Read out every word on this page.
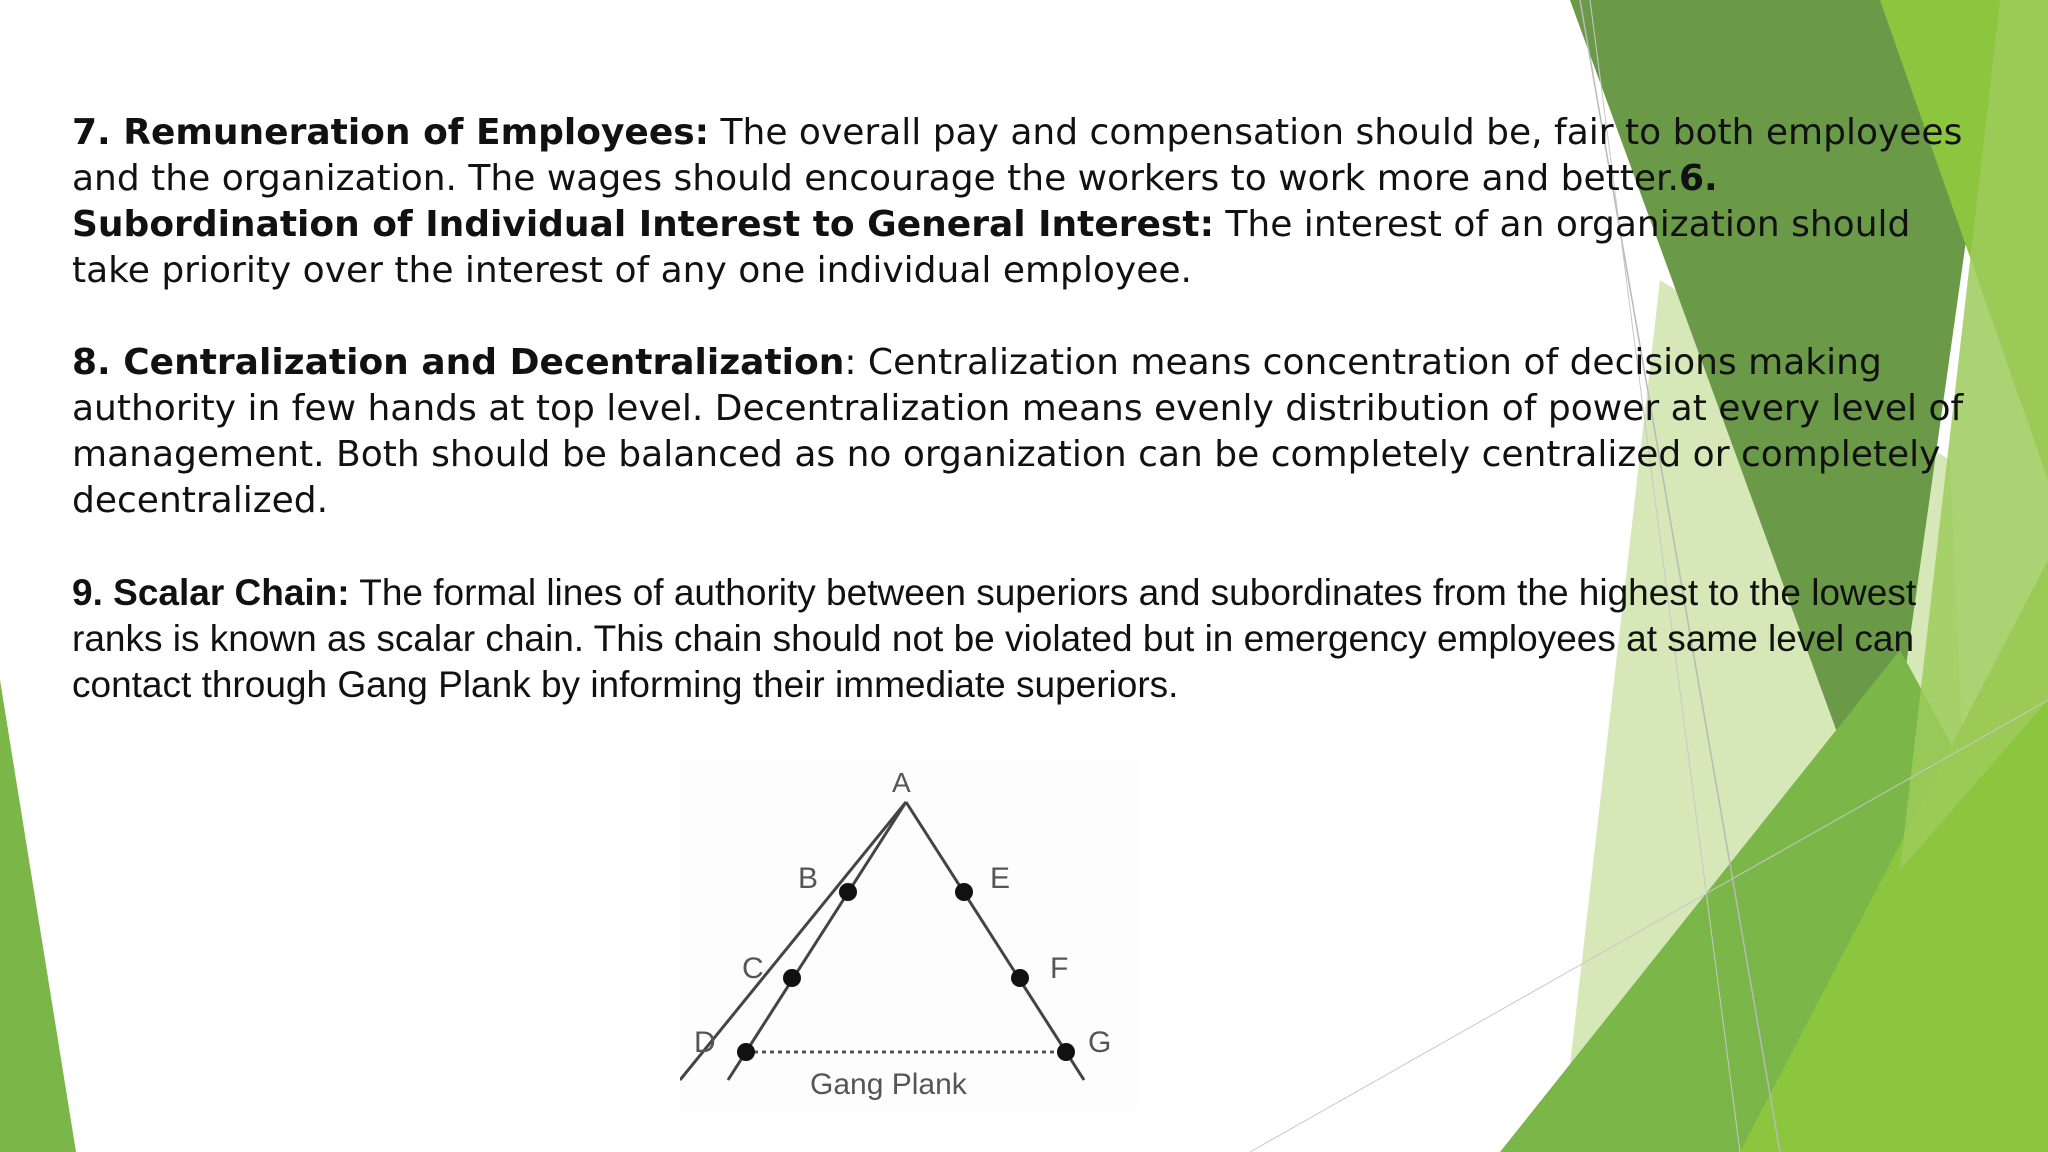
7. Remuneration of Employees: The overall pay and compensation should be, fair to both employees and the organization. The wages should encourage the workers to work more and better.6. Subordination of Individual Interest to General Interest: The interest of an organization should take priority over the interest of any one individual employee.

8. Centralization and Decentralization: Centralization means concentration of decisions making authority in few hands at top level. Decentralization means evenly distribution of power at every level of management. Both should be balanced as no organization can be completely centralized or completely decentralized.

9. Scalar Chain: The formal lines of authority between superiors and subordinates from the highest to the lowest ranks is known as scalar chain. This chain should not be violated but in emergency employees at same level can contact through Gang Plank by informing their immediate superiors.

A
B
C
D
E
F
G
Gang Plank
